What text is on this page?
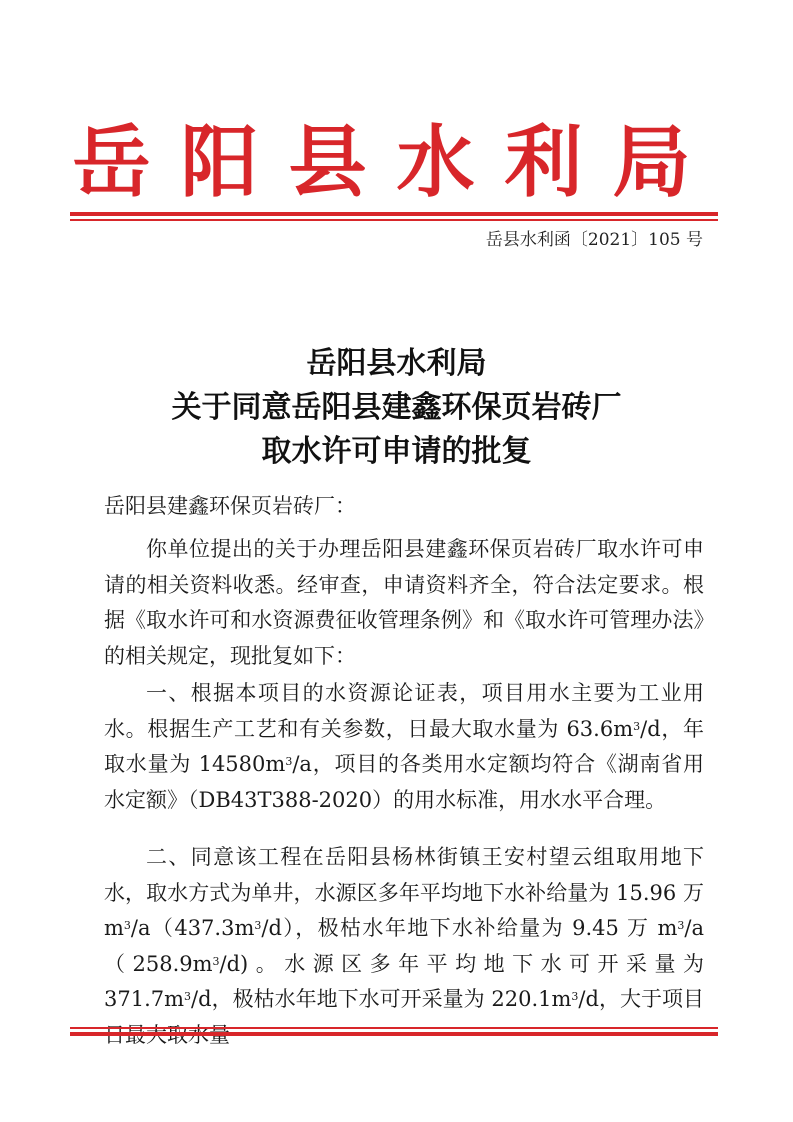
岳阳县水利局
岳县水利函〔2021〕105 号
岳阳县水利局
关于同意岳阳县建鑫环保页岩砖厂
取水许可申请的批复
岳阳县建鑫环保页岩砖厂：

你单位提出的关于办理岳阳县建鑫环保页岩砖厂取水许可申请的相关资料收悉。经审查，申请资料齐全，符合法定要求。根据《取水许可和水资源费征收管理条例》和《取水许可管理办法》的相关规定，现批复如下：

一、根据本项目的水资源论证表，项目用水主要为工业用水。根据生产工艺和有关参数，日最大取水量为 $63.6m^3/d$，年取水量为 $14580m^3/a$，项目的各类用水定额均符合《湖南省用水定额》（DB43T388-2020）的用水标准，用水水平合理。

二、同意该工程在岳阳县杨林街镇王安村望云组取用地下水，取水方式为单井，水源区多年平均地下水补给量为 15.96 万 $m^3/a(437.3m^3/d)$，极枯水年地下水补给量为 9.45 万 $m^3/a(258.9m^3/d)$。水源区多年平均地下水可开采量为 $371.7m^3/d$，极枯水年地下水可开采量为 $220.1m^3/d$，大于项目
